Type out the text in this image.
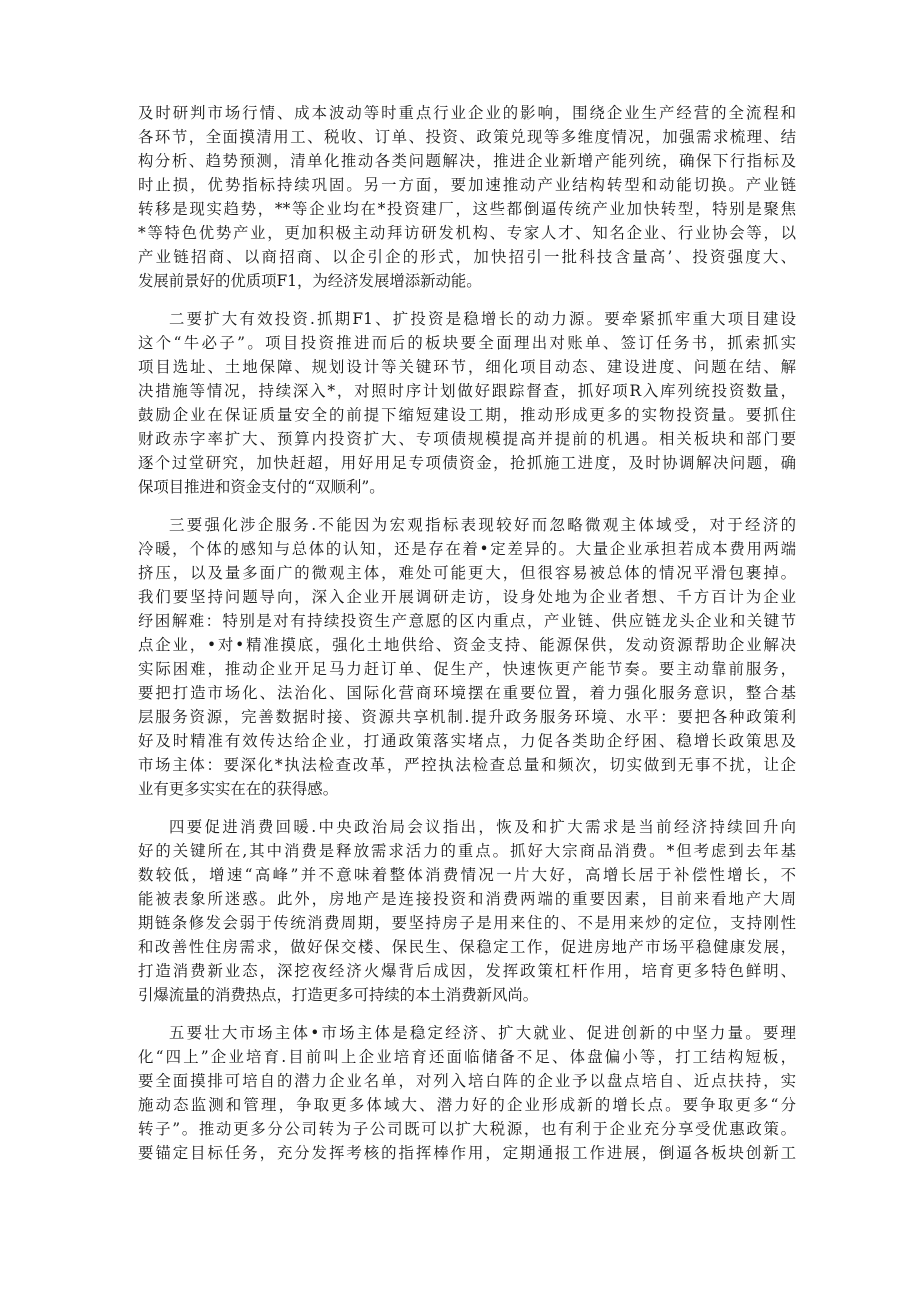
及时研判市场行情、成本波动等时重点行业企业的影响，围绕企业生产经营的全流程和
各环节，全面摸清用工、税收、订单、投资、政策兑现等多维度情况，加强需求梳理、结
构分析、趋势预测，清单化推动各类问题解决，推进企业新增产能列统，确保下行指标及
时止损，优势指标持续巩固。另一方面，要加速推动产业结构转型和动能切换。产业链
转移是现实趋势，**等企业均在*投资建厂，这些都倒逼传统产业加快转型，特别是聚焦
*等特色优势产业，更加积极主动拜访研发机构、专家人才、知名企业、行业协会等，以
产业链招商、以商招商、以企引企的形式，加快招引一批科技含量高’、投资强度大、
发展前景好的优质项F1，为经济发展增添新动能。
二要扩大有效投资.抓期F1、扩投资是稳增长的动力源。要牵紧抓牢重大项目建设
这个“牛必子”。项目投资推进而后的板块要全面理出对账单、签订任务书，抓索抓实
项目选址、土地保障、规划设计等关键环节，细化项目动态、建设进度、问题在结、解
决措施等情况，持续深入*，对照时序计划做好跟踪督查，抓好项R入库列统投资数量，
鼓励企业在保证质量安全的前提下缩短建设工期，推动形成更多的实物投资量。要抓住
财政赤字率扩大、预算内投资扩大、专项债规模提高并提前的机遇。相关板块和部门要
逐个过堂研究，加快赶超，用好用足专项债资金，抢抓施工进度，及时协调解决问题，确
保项目推进和资金支付的“双顺利”。
三要强化涉企服务.不能因为宏观指标表现较好而忽略微观主体域受，对于经济的
冷暖，个体的感知与总体的认知，还是存在着•定差异的。大量企业承担若成本费用两端
挤压，以及量多面广的微观主体，难处可能更大，但很容易被总体的情况平滑包裹掉。
我们要坚持问题导向，深入企业开展调研走访，设身处地为企业者想、千方百计为企业
纾困解难：特别是对有持续投资生产意愿的区内重点，产业链、供应链龙头企业和关键节
点企业，•对•精准摸底，强化土地供给、资金支持、能源保供，发动资源帮助企业解决
实际困难，推动企业开足马力赶订单、促生产，快速恢更产能节奏。要主动靠前服务，
要把打造市场化、法治化、国际化营商环境摆在重要位置，着力强化服务意识，整合基
层服务资源，完善数据时接、资源共享机制.提升政务服务环境、水平：要把各种政策利
好及时精准有效传达给企业，打通政策落实堵点，力促各类助企纾困、稳增长政策思及
市场主体：要深化*执法检查改革，严控执法检查总量和频次，切实做到无事不扰，让企
业有更多实实在在的获得感。
四要促进消费回暖.中央政治局会议指出，恢及和扩大需求是当前经济持续回升向
好的关键所在,其中消费是释放需求活力的重点。抓好大宗商品消费。*但考虑到去年基
数较低，增速“高峰”并不意味着整体消费情况一片大好，高增长居于补偿性增长，不
能被表象所迷惑。此外，房地产是连接投资和消费两端的重要因素，目前来看地产大周
期链条修发会弱于传统消费周期，要坚持房子是用来住的、不是用来炒的定位，支持刚性
和改善性住房需求，做好保交楼、保民生、保稳定工作，促进房地产市场平稳健康发展，
打造消费新业态，深挖夜经济火爆背后成因，发挥政策杠杆作用，培育更多特色鲜明、
引爆流量的消费热点，打造更多可持续的本土消费新风尚。
五要壮大市场主体•市场主体是稳定经济、扩大就业、促进创新的中坚力量。要理
化“四上”企业培育.目前叫上企业培育还面临储备不足、体盘偏小等，打工结构短板，
要全面摸排可培自的潜力企业名单，对列入培白阵的企业予以盘点培自、近点扶持，实
施动态监测和管理，争取更多体域大、潜力好的企业形成新的增长点。要争取更多“分
转子”。推动更多分公司转为子公司既可以扩大税源，也有利于企业充分享受优惠政策。
要锚定目标任务，充分发挥考核的指挥棒作用，定期通报工作进展，倒逼各板块创新工
